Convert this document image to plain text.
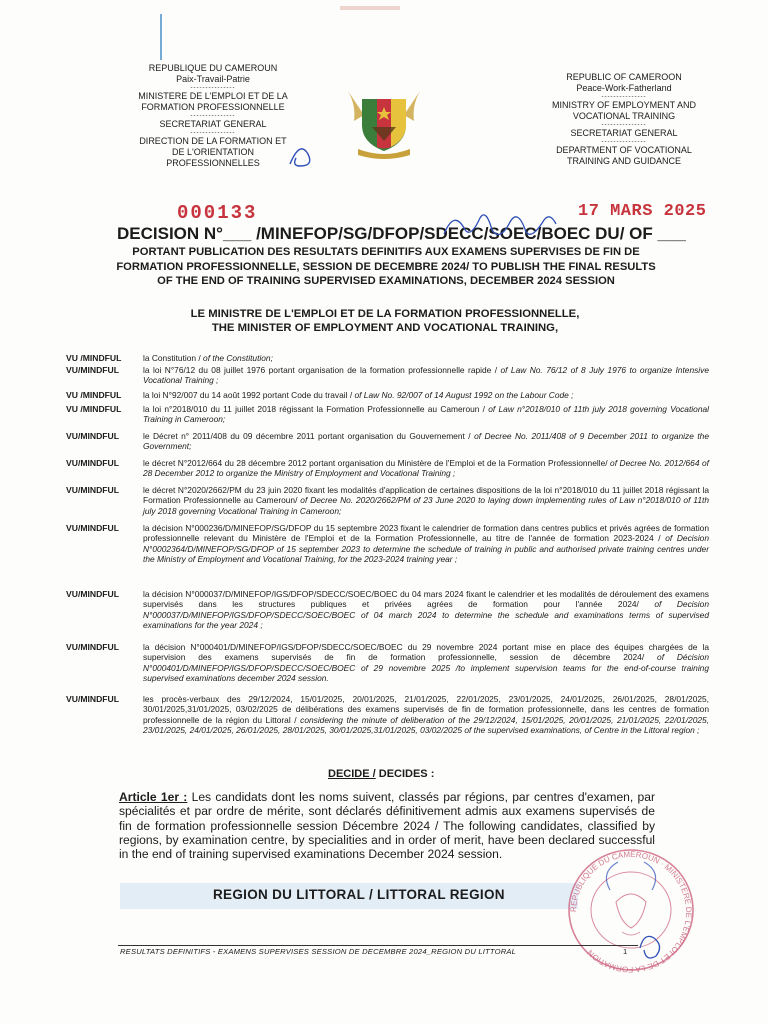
REPUBLIQUE DU CAMEROUN
Paix-Travail-Patrie
---------------
MINISTERE DE L'EMPLOI ET DE LA FORMATION PROFESSIONNELLE
---------------
SECRETARIAT GENERAL
---------------
DIRECTION DE LA FORMATION ET DE L'ORIENTATION PROFESSIONNELLES
REPUBLIC OF CAMEROON
Peace-Work-Fatherland
---------------
MINISTRY OF EMPLOYMENT AND VOCATIONAL TRAINING
---------------
SECRETARIAT GENERAL
---------------
DEPARTMENT OF VOCATIONAL TRAINING AND GUIDANCE
000133	17 MARS 2025
DECISION N°___ /MINEFOP/SG/DFOP/SDECC/SOEC/BOEC DU/ OF ___
PORTANT PUBLICATION DES RESULTATS DEFINITIFS AUX EXAMENS SUPERVISES DE FIN DE FORMATION PROFESSIONNELLE, SESSION DE DECEMBRE 2024/ TO PUBLISH THE FINAL RESULTS OF THE END OF TRAINING SUPERVISED EXAMINATIONS, DECEMBER 2024 SESSION
LE MINISTRE DE L'EMPLOI ET DE LA FORMATION PROFESSIONNELLE,
THE MINISTER OF EMPLOYMENT AND VOCATIONAL TRAINING,
VU /MINDFUL	la Constitution / of the Constitution;
VU/MINDFUL	la loi N°76/12 du 08 juillet 1976 portant organisation de la formation professionnelle rapide / of Law No. 76/12 of 8 July 1976 to organize Intensive Vocational Training ;
VU /MINDFUL	la loi N°92/007 du 14 août 1992 portant Code du travail / of Law No. 92/007 of 14 August 1992 on the Labour Code ;
VU /MINDFUL	la loi n°2018/010 du 11 juillet 2018 régissant la Formation Professionnelle au Cameroun / of Law n°2018/010 of 11th july 2018 governing Vocational Training in Cameroon;
VU/MINDFUL	le Décret n° 2011/408 du 09 décembre 2011 portant organisation du Gouvernement / of Decree No. 2011/408 of 9 December 2011 to organize the Government;
VU/MINDFUL	le décret N°2012/664 du 28 décembre 2012 portant organisation du Ministère de l'Emploi et de la Formation Professionnelle/ of Decree No. 2012/664 of 28 December 2012 to organize the Ministry of Employment and Vocational Training ;
VU/MINDFUL	le décret N°2020/2662/PM du 23 juin 2020 fixant les modalités d'application de certaines dispositions de la loi n°2018/010 du 11 juillet 2018 régissant la Formation Professionnelle au Cameroun/ of Decree No. 2020/2662/PM of 23 June 2020 to laying down implementing rules of Law n°2018/010 of 11th july 2018 governing Vocational Training in Cameroon;
VU/MINDFUL	la décision N°000236/D/MINEFOP/SG/DFOP du 15 septembre 2023 fixant le calendrier de formation dans centres publics et privés agrées de formation professionnelle relevant du Ministère de l'Emploi et de la Formation Professionnelle, au titre de l'année de formation 2023-2024 / of Decision N°0002364/D/MINEFOP/SG/DFOP of 15 september 2023 to determine the schedule of training in public and authorised private training centres under the Ministry of Employment and Vocational Training, for the 2023-2024 training year ;
VU/MINDFUL	la décision N°000037/D/MINEFOP/IGS/DFOP/SDECC/SOEC/BOEC du 04 mars 2024 fixant le calendrier et les modalités de déroulement des examens supervisés dans les structures publiques et privées agrées de formation pour l'année 2024/ of Decision N°000037/D/MINEFOP/IGS/DFOP/SDECC/SOEC/BOEC of 04 march 2024 to determine the schedule and examinations terms of supervised examinations for the year 2024 ;
VU/MINDFUL	la décision N°000401/D/MINEFOP/IGS/DFOP/SDECC/SOEC/BOEC du 29 novembre 2024 portant mise en place des équipes chargées de la supervision des examens supervisés de fin de formation professionnelle, session de décembre 2024/ of Décision N°000401/D/MINEFOP/IGS/DFOP/SDECC/SOEC/BOEC of 29 novembre 2025 /to implement supervision teams for the end-of-course training supervised examinations december 2024 session.
VU/MINDFUL	les procès-verbaux des 29/12/2024, 15/01/2025, 20/01/2025, 21/01/2025, 22/01/2025, 23/01/2025, 24/01/2025, 26/01/2025, 28/01/2025, 30/01/2025,31/01/2025, 03/02/2025 de délibérations des examens supervisés de fin de formation professionnelle, dans les centres de formation professionnelle de la région du Littoral / considering the minute of deliberation of the 29/12/2024, 15/01/2025, 20/01/2025, 21/01/2025, 22/01/2025, 23/01/2025, 24/01/2025, 26/01/2025, 28/01/2025, 30/01/2025,31/01/2025, 03/02/2025 of the supervised examinations, of Centre in the Littoral region ;
DECIDE / DECIDES :
Article 1er : Les candidats dont les noms suivent, classés par régions, par centres d'examen, par spécialités et par ordre de mérite, sont déclarés définitivement admis aux examens supervisés de fin de formation professionnelle session Décembre 2024 / The following candidates, classified by regions, by examination centre, by specialities and in order of merit, have been declared successful in the end of training supervised examinations December 2024 session.
REGION DU LITTORAL / LITTORAL REGION
REPUBLIQUE DU CAMEROUN · MINISTERE DE L'EMPLOI ET DE LA FORMATION
RESULTATS DEFINITIFS - EXAMENS SUPERVISES SESSION DE DECEMBRE 2024_REGION DU LITTORAL	1
